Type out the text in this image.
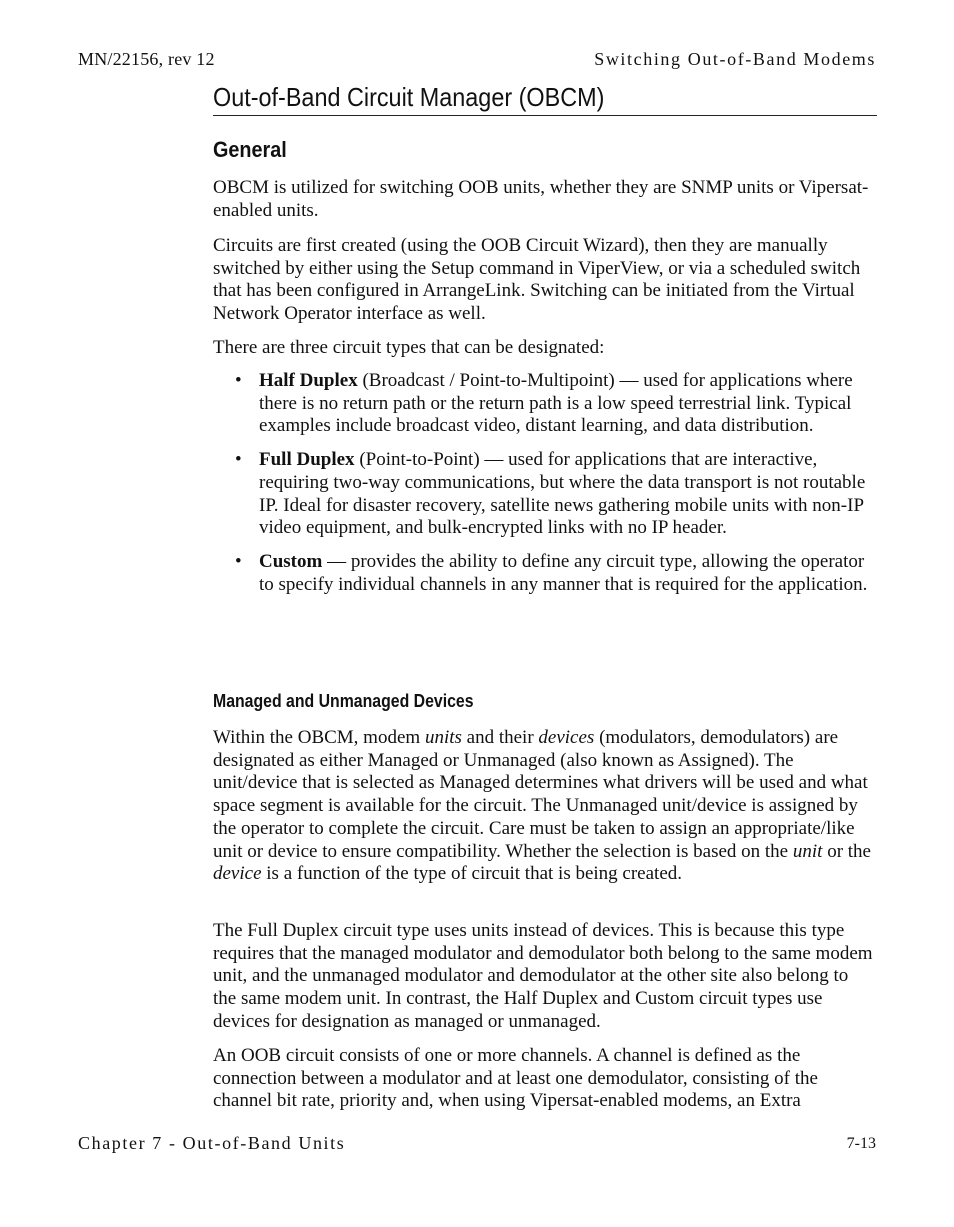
MN/22156, rev 12	Switching Out-of-Band Modems
Out-of-Band Circuit Manager (OBCM)
General

OBCM is utilized for switching OOB units, whether they are SNMP units or Vipersat-enabled units.

Circuits are first created (using the OOB Circuit Wizard), then they are manually switched by either using the Setup command in ViperView, or via a scheduled switch that has been configured in ArrangeLink. Switching can be initiated from the Virtual Network Operator interface as well.

There are three circuit types that can be designated:

• Half Duplex (Broadcast / Point-to-Multipoint) — used for applications where there is no return path or the return path is a low speed terrestrial link. Typical examples include broadcast video, distant learning, and data distribution.
• Full Duplex (Point-to-Point) — used for applications that are interactive, requiring two-way communications, but where the data transport is not routable IP. Ideal for disaster recovery, satellite news gathering mobile units with non-IP video equipment, and bulk-encrypted links with no IP header.
• Custom — provides the ability to define any circuit type, allowing the operator to specify individual channels in any manner that is required for the application.
Managed and Unmanaged Devices

Within the OBCM, modem units and their devices (modulators, demodulators) are designated as either Managed or Unmanaged (also known as Assigned). The unit/device that is selected as Managed determines what drivers will be used and what space segment is available for the circuit. The Unmanaged unit/device is assigned by the operator to complete the circuit. Care must be taken to assign an appropriate/like unit or device to ensure compatibility. Whether the selection is based on the unit or the device is a function of the type of circuit that is being created.

The Full Duplex circuit type uses units instead of devices. This is because this type requires that the managed modulator and demodulator both belong to the same modem unit, and the unmanaged modulator and demodulator at the other site also belong to the same modem unit. In contrast, the Half Duplex and Custom circuit types use devices for designation as managed or unmanaged.

An OOB circuit consists of one or more channels. A channel is defined as the connection between a modulator and at least one demodulator, consisting of the channel bit rate, priority and, when using Vipersat-enabled modems, an Extra

Chapter 7 - Out-of-Band Units	7-13
